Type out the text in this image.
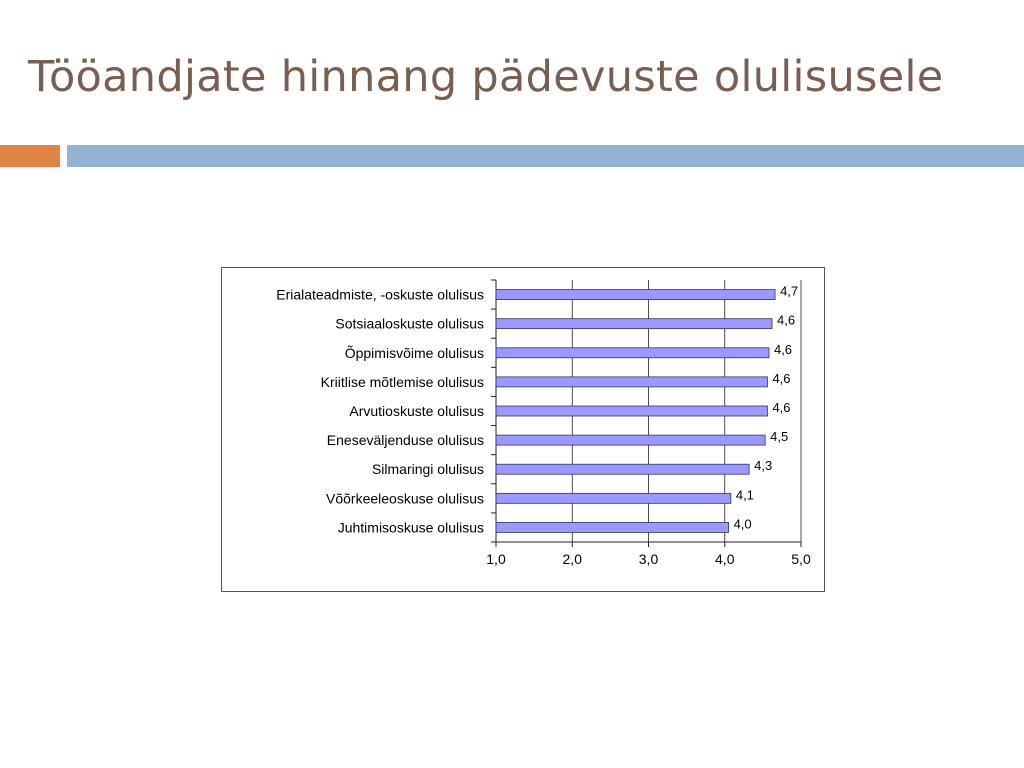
Tööandjate hinnang pädevuste olulisusele
1,0	2,0	3,0	4,0	5,0
Erialateadmiste, -oskuste olulisus	4,7
Sotsiaaloskuste olulisus	4,6
Õppimisvõime olulisus	4,6
Kriitlise mõtlemise olulisus	4,6
Arvutioskuste olulisus	4,6
Eneseväljenduse olulisus	4,5
Silmaringi olulisus	4,3
Võõrkeeleoskuse olulisus	4,1
Juhtimisoskuse olulisus	4,0
